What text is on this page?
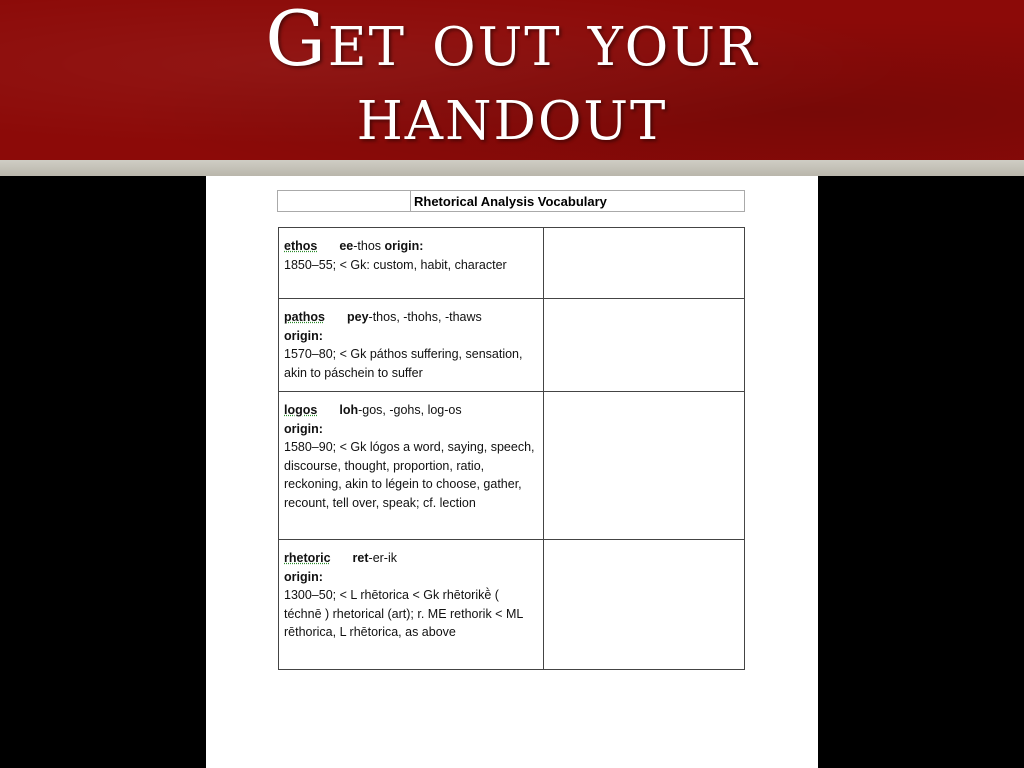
Get out your
handout
Rhetorical Analysis Vocabulary
ethos ee-thos origin:
1850–55; < Gk: custom, habit, character	
pathos pey-thos, -thohs, -thaws
origin:
1570–80; < Gk páthos suffering, sensation, akin to páschein to suffer	
logos loh-gos, -gohs, log-os
origin:
1580–90; < Gk lógos a word, saying, speech, discourse, thought, proportion, ratio, reckoning, akin to légein to choose, gather, recount, tell over, speak; cf. lection	
rhetoric ret-er-ik
origin:
1300–50; < L rhētorica < Gk rhētorikḕ ( téchnē ) rhetorical (art); r. ME rethorik < ML rēthorica, L rhētorica, as above	
